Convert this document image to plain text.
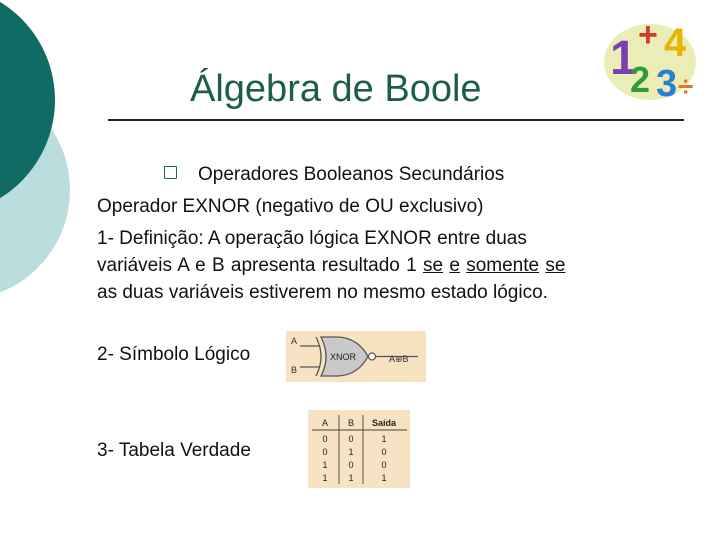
1 + 4
2 3 ÷
Álgebra de Boole
Operadores Booleanos Secundários
Operador EXNOR (negativo de OU exclusivo)
1- Definição: A operação lógica EXNOR entre duas
variáveis A e B apresenta resultado 1 se e somente se
as duas variáveis estiverem no mesmo estado lógico.
2- Símbolo Lógico
3- Tabela Verdade
A
B
XNOR	A⊕B
A B Saída
0 0	1
0 1	0
1 0	0
1 1	1
